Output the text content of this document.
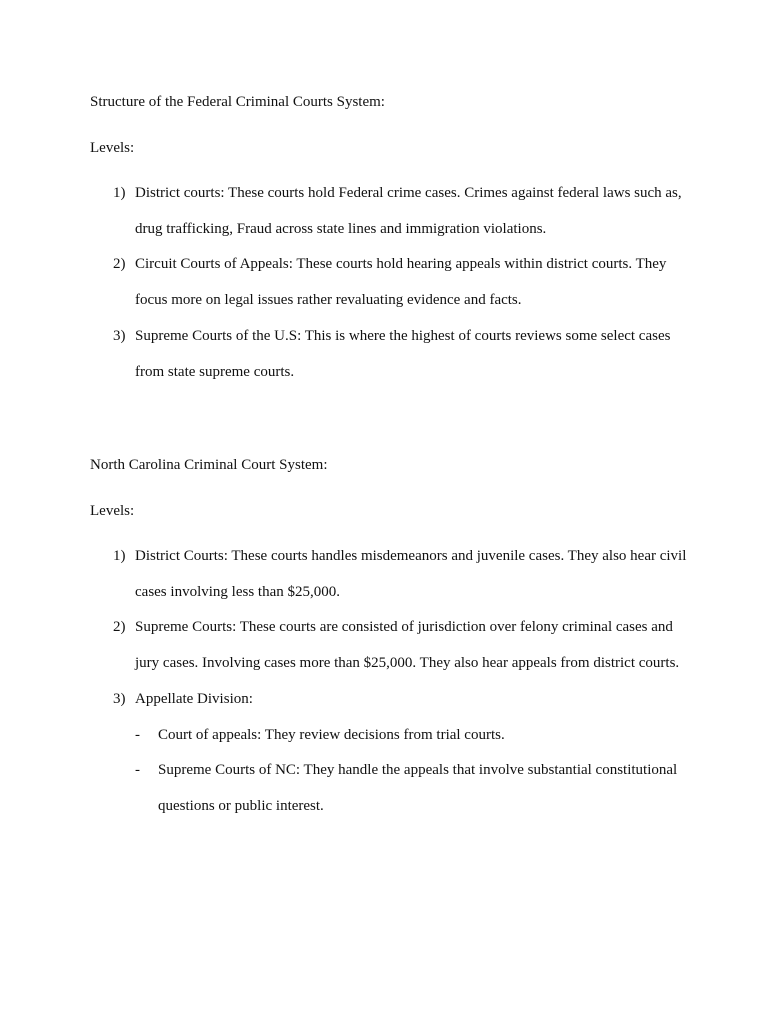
Structure of the Federal Criminal Courts System:

Levels:

1) District courts: These courts hold Federal crime cases. Crimes against federal laws such as, drug trafficking, Fraud across state lines and immigration violations.
2) Circuit Courts of Appeals: These courts hold hearing appeals within district courts. They focus more on legal issues rather revaluating evidence and facts.
3) Supreme Courts of the U.S: This is where the highest of courts reviews some select cases from state supreme courts.

North Carolina Criminal Court System:

Levels:

1) District Courts: These courts handles misdemeanors and juvenile cases. They also hear civil cases involving less than $25,000.
2) Supreme Courts: These courts are consisted of jurisdiction over felony criminal cases and jury cases. Involving cases more than $25,000. They also hear appeals from district courts.
3) Appellate Division:
- Court of appeals: They review decisions from trial courts.
- Supreme Courts of NC: They handle the appeals that involve substantial constitutional questions or public interest.
